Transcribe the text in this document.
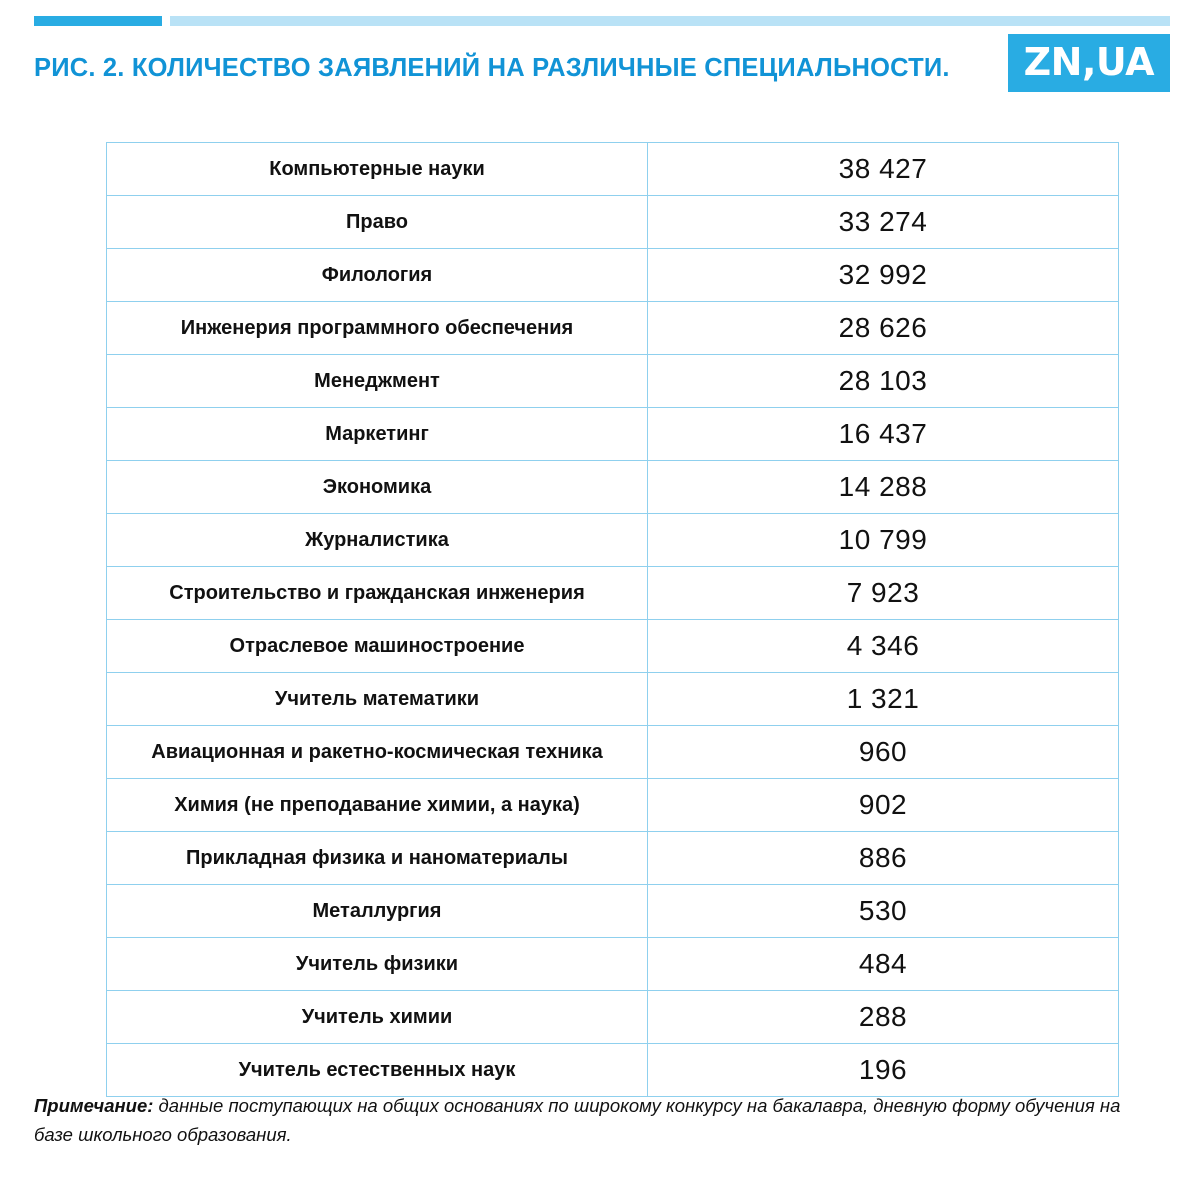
РИС. 2. КОЛИЧЕСТВО ЗАЯВЛЕНИЙ НА РАЗЛИЧНЫЕ СПЕЦИАЛЬНОСТИ.	ZN,UA
Компьютерные науки	38 427
Право	33 274
Филология	32 992
Инженерия программного обеспечения	28 626
Менеджмент	28 103
Маркетинг	16 437
Экономика	14 288
Журналистика	10 799
Строительство и гражданская инженерия	7 923
Отраслевое машиностроение	4 346
Учитель математики	1 321
Авиационная и ракетно-космическая техника	960
Химия (не преподавание химии, а наука)	902
Прикладная физика и наноматериалы	886
Металлургия	530
Учитель физики	484
Учитель химии	288
Учитель естественных наук	196
Примечание: данные поступающих на общих основаниях по широкому конкурсу на бакалавра, дневную форму обучения на базе школьного образования.
